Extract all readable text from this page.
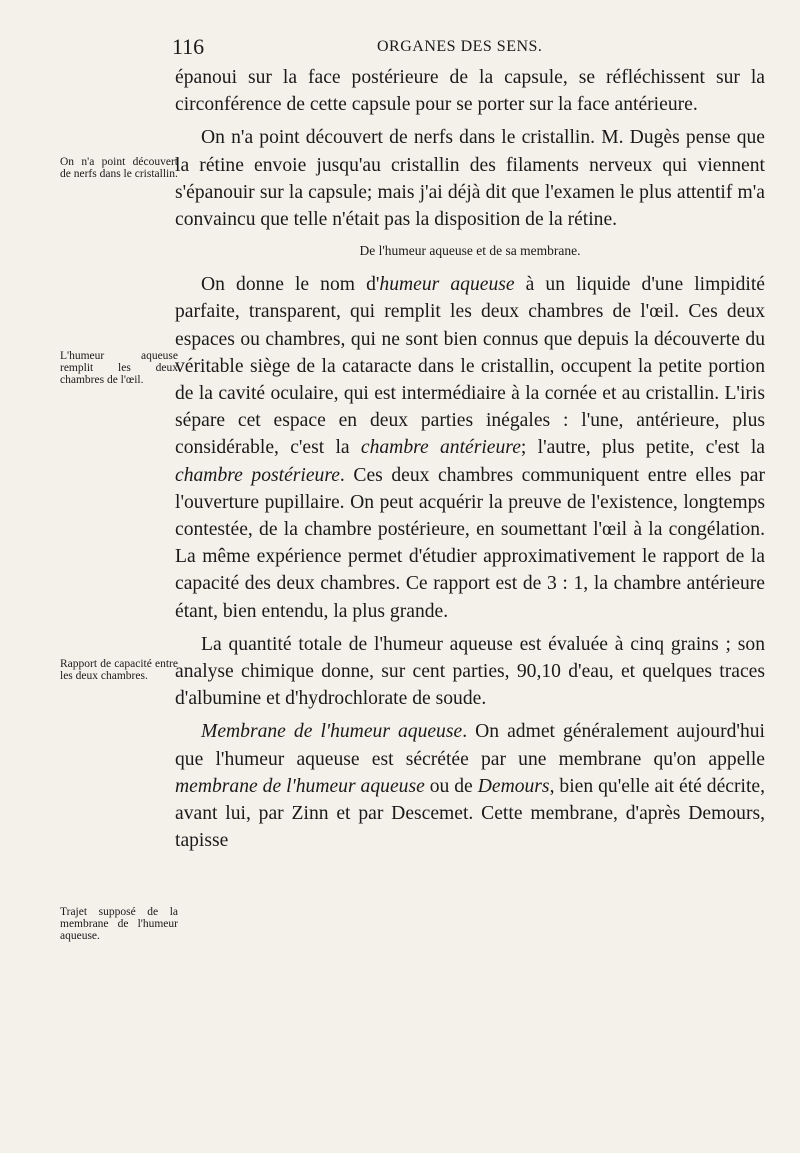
116	ORGANES DES SENS.
On n'a point découvert de nerfs dans le cristallin.
L'humeur aqueuse remplit les deux chambres de l'œil.
Rapport de capacité entre les deux chambres.
Trajet supposé de la membrane de l'humeur aqueuse.

épanoui sur la face postérieure de la capsule, se réfléchissent sur la circonférence de cette capsule pour se porter sur la face antérieure.

On n'a point découvert de nerfs dans le cristallin. M. Dugès pense que la rétine envoie jusqu'au cristallin des filaments nerveux qui viennent s'épanouir sur la capsule; mais j'ai déjà dit que l'examen le plus attentif m'a convaincu que telle n'était pas la disposition de la rétine.

De l'humeur aqueuse et de sa membrane.

On donne le nom d'humeur aqueuse à un liquide d'une limpidité parfaite, transparent, qui remplit les deux chambres de l'œil. Ces deux espaces ou chambres, qui ne sont bien connus que depuis la découverte du véritable siège de la cataracte dans le cristallin, occupent la petite portion de la cavité oculaire, qui est intermédiaire à la cornée et au cristallin. L'iris sépare cet espace en deux parties inégales : l'une, antérieure, plus considérable, c'est la chambre antérieure; l'autre, plus petite, c'est la chambre postérieure. Ces deux chambres communiquent entre elles par l'ouverture pupillaire. On peut acquérir la preuve de l'existence, longtemps contestée, de la chambre postérieure, en soumettant l'œil à la congélation. La même expérience permet d'étudier approximativement le rapport de la capacité des deux chambres. Ce rapport est de 3 : 1, la chambre antérieure étant, bien entendu, la plus grande.

La quantité totale de l'humeur aqueuse est évaluée à cinq grains ; son analyse chimique donne, sur cent parties, 90,10 d'eau, et quelques traces d'albumine et d'hydrochlorate de soude.

Membrane de l'humeur aqueuse. On admet généralement aujourd'hui que l'humeur aqueuse est sécrétée par une membrane qu'on appelle membrane de l'humeur aqueuse ou de Demours, bien qu'elle ait été décrite, avant lui, par Zinn et par Descemet. Cette membrane, d'après Demours, tapisse
